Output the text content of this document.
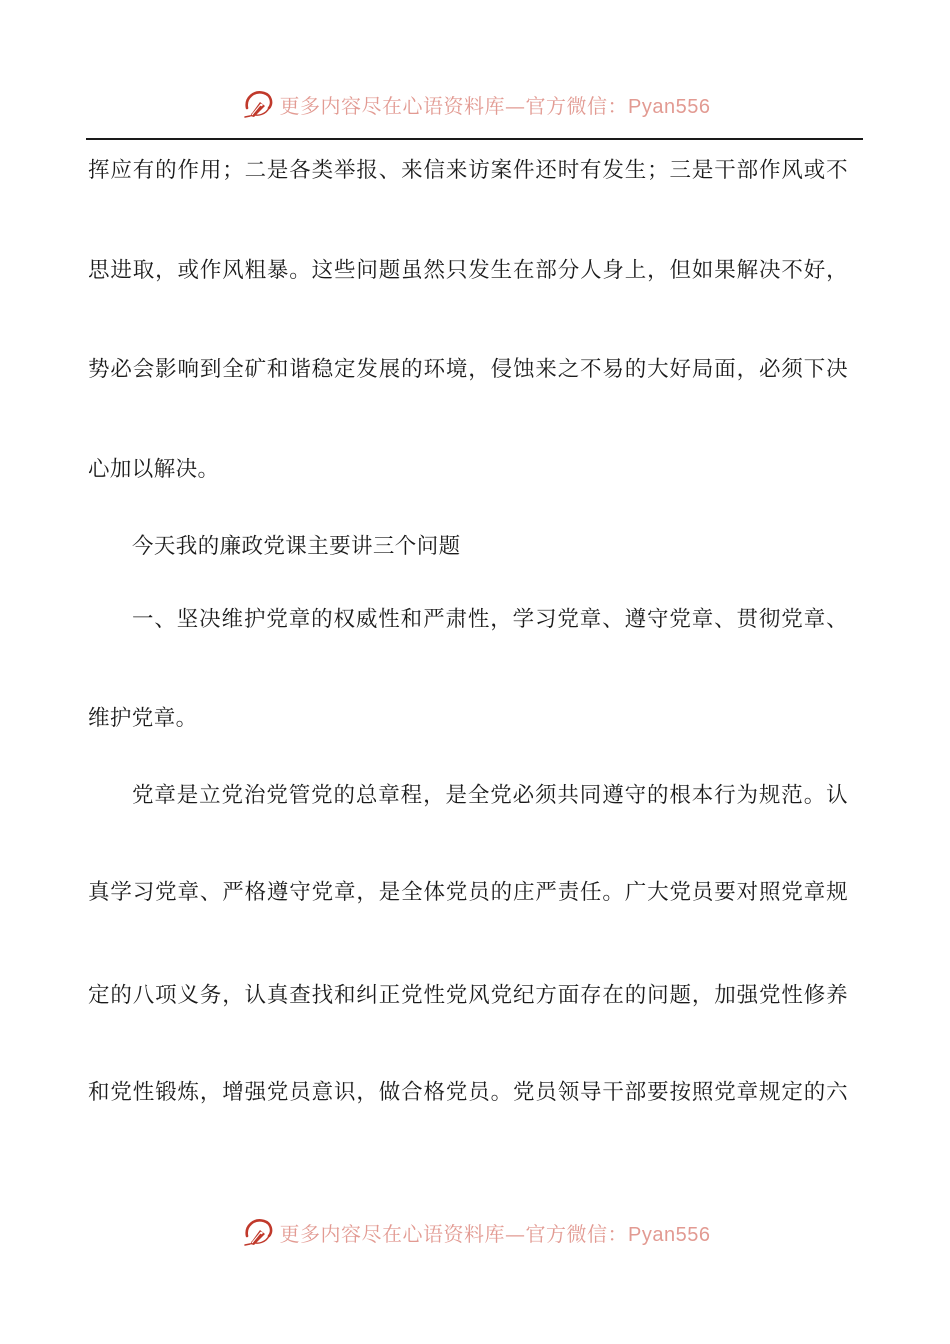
更多内容尽在心语资料库—官方微信：Pyan556
挥应有的作用；二是各类举报、来信来访案件还时有发生；三是干部作风或不
思进取，或作风粗暴。这些问题虽然只发生在部分人身上，但如果解决不好，
势必会影响到全矿和谐稳定发展的环境，侵蚀来之不易的大好局面，必须下决
心加以解决。
今天我的廉政党课主要讲三个问题
一、坚决维护党章的权威性和严肃性，学习党章、遵守党章、贯彻党章、
维护党章。
党章是立党治党管党的总章程，是全党必须共同遵守的根本行为规范。认
真学习党章、严格遵守党章，是全体党员的庄严责任。广大党员要对照党章规
定的八项义务，认真查找和纠正党性党风党纪方面存在的问题，加强党性修养
和党性锻炼，增强党员意识，做合格党员。党员领导干部要按照党章规定的六
更多内容尽在心语资料库—官方微信：Pyan556
